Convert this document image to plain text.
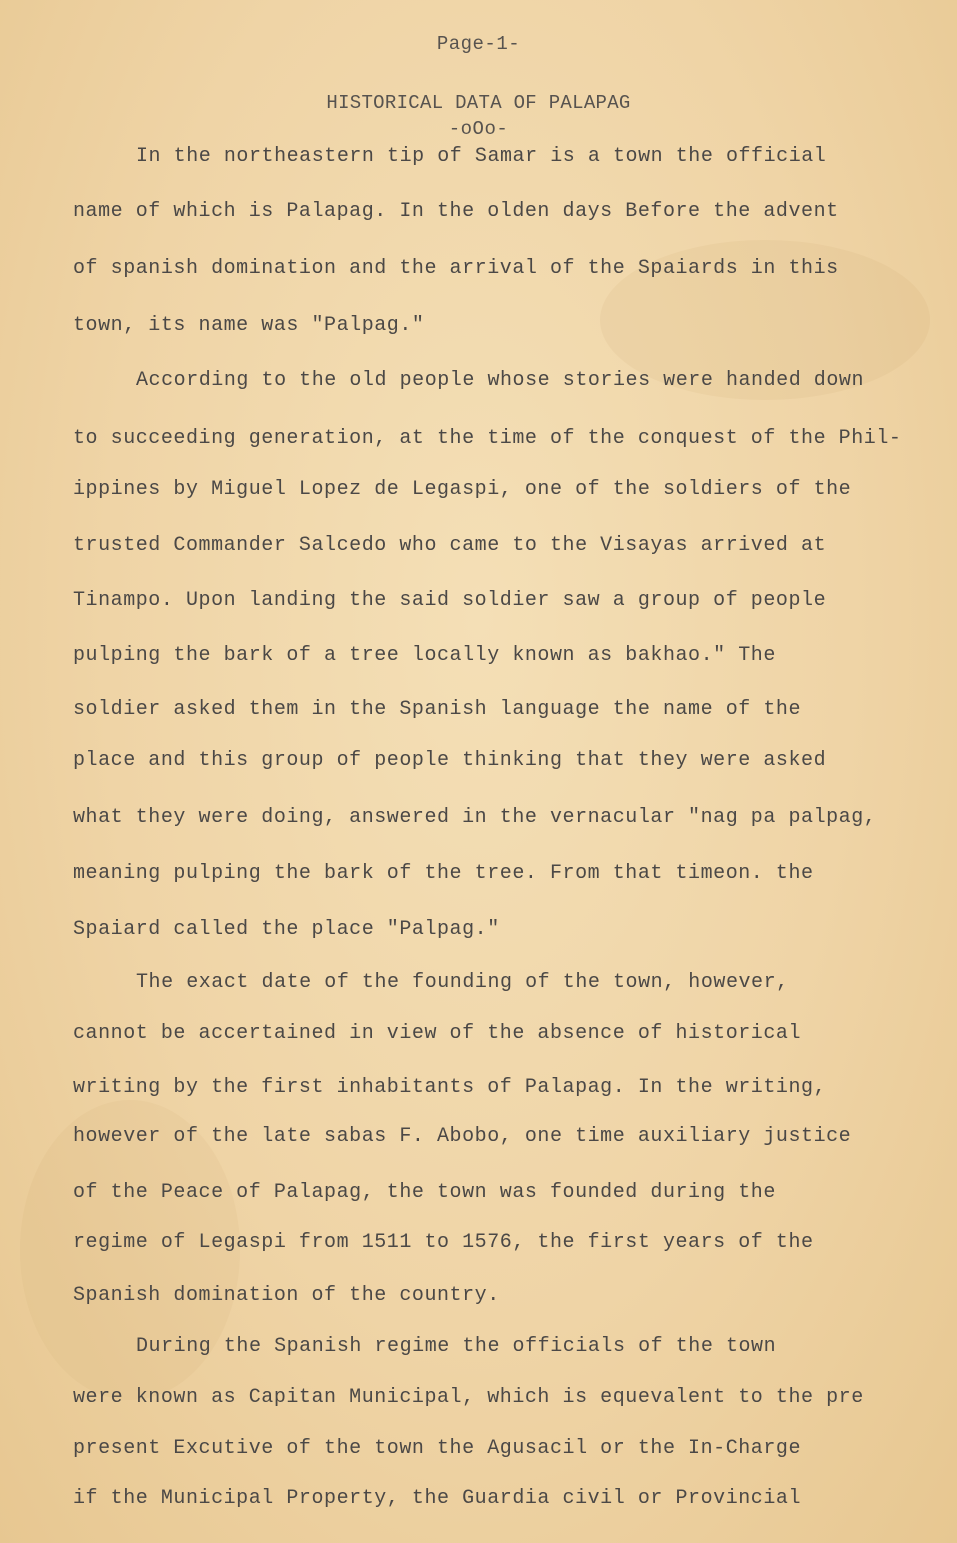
Page-1-
HISTORICAL DATA OF PALAPAG
-oOo-
In the northeastern tip of Samar is a town the official
name of which is Palapag. In the olden days Before the advent
of spanish domination and the arrival of the Spaiards in this
town, its name was "Palpag."
According to the old people whose stories were handed down
to succeeding generation, at the time of the conquest of the Phil-
ippines by Miguel Lopez de Legaspi, one of the soldiers of the
trusted Commander Salcedo who came to the Visayas arrived at
Tinampo. Upon landing the said soldier saw a group of people
pulping the bark of a tree locally known as bakhao." The
soldier asked them in the Spanish language the name of the
place and this group of people thinking that they were asked
what they were doing, answered in the vernacular "nag pa palpag,
meaning pulping the bark of the tree. From that timeon. the
Spaiard called the place "Palpag."
The exact date of the founding of the town, however,
cannot be accertained in view of the absence of historical
writing by the first inhabitants of Palapag. In the writing,
however of the late sabas F. Abobo, one time auxiliary justice
of the Peace of Palapag, the town was founded during the
regime of Legaspi from 1511 to 1576, the first years of the
Spanish domination of the country.
During the Spanish regime the officials of the town
were known as Capitan Municipal, which is equevalent to the pre
present Excutive of the town the Agusacil or the In-Charge
if the Municipal Property, the Guardia civil or Provincial
